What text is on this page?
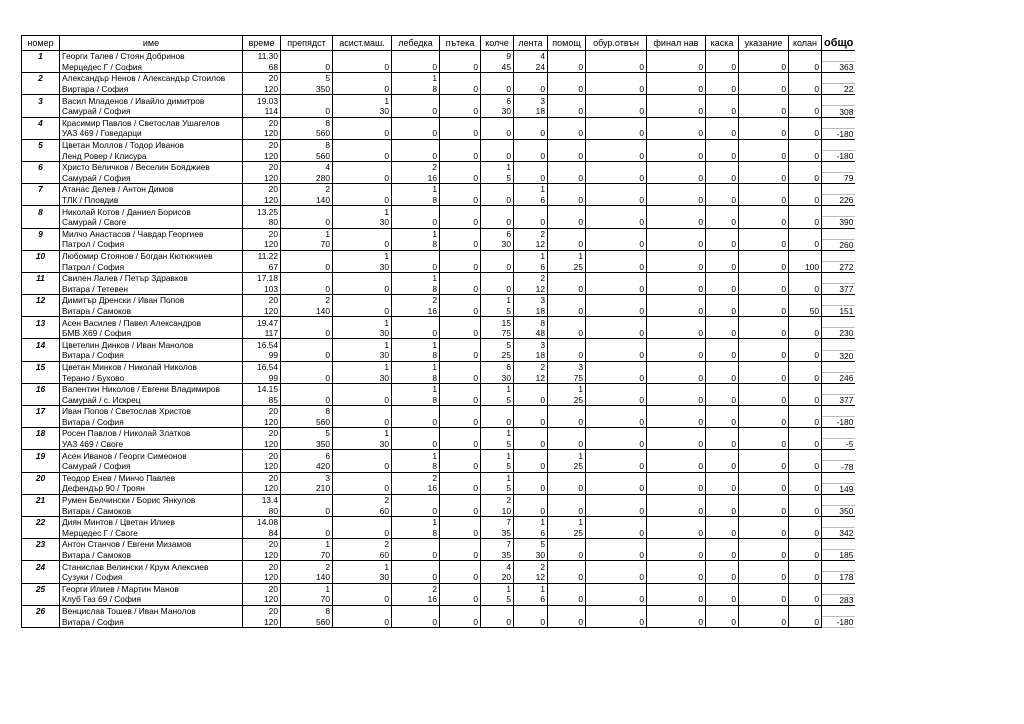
номер	име	време	препядст	асист.маш.	лебедка	пътека	колче	лента	помощ	обур.отвън	финал нав	каска	указание	колан	общо
1	Георги Талев / Стоян Добринов	11.30					9	4							
	Мерцедес Г / София	68	0	0	0	0	45	24	0	0	0	0	0	0	363
2	Александър Ненов / Александър Стоилов	20	5		1										
	Виртара / София	120	350	0	8	0	0	0	0	0	0	0	0	0	22
3	Васил Младенов / Ивайло димитров	19.03		1			6	3							
	Самурай / София	114	0	30	0	0	30	18	0	0	0	0	0	0	308
4	Красимир Павлов / Светослав Ушагелов	20	8												
	УАЗ 469 / Говедарци	120	560	0	0	0	0	0	0	0	0	0	0	0	-180
5	Цветан Моллов / Тодор Иванов	20	8												
	Ленд Ровер / Клисура	120	560	0	0	0	0	0	0	0	0	0	0	0	-180
6	Христо Величков / Веселин Бояджиев	20	4		2		1								
	Самурай / София	120	280	0	16	0	5	0	0	0	0	0	0	0	79
7	Атанас Делев / Антон Димов	20	2		1			1							
	ТЛК / Пловдив	120	140	0	8	0	0	6	0	0	0	0	0	0	226
8	Николай Котов / Даниел Борисов	13.25		1											
	Самурай / Своге	80	0	30	0	0	0	0	0	0	0	0	0	0	390
9	Милчо Анастасов / Чавдар Георгиев	20	1		1		6	2							
	Патрол / София	120	70	0	8	0	30	12	0	0	0	0	0	0	260
10	Любомир Стоянов / Богдан Кютюкчиев	11.22		1				1	1						
	Патрол / София	67	0	30	0	0	0	6	25	0	0	0	0	100	272
11	Свилен Лалев / Петър Здравков	17.18			1			2							
	Витара / Тетевен	103	0	0	8	0	0	12	0	0	0	0	0	0	377
12	Димитър Дренски / Иван Попов	20	2		2		1	3							
	Витара / Самоков	120	140	0	16	0	5	18	0	0	0	0	0	50	151
13	Асен Василев / Павел Александров	19.47		1			15	8							
	БМВ Х69 / София	117	0	30	0	0	75	48	0	0	0	0	0	0	230
14	Цветелин Динков / Иван Манолов	16.54		1	1		5	3							
	Витара / София	99	0	30	8	0	25	18	0	0	0	0	0	0	320
15	Цветан Минков / Николай Николов	16.54		1	1		6	2	3						
	Терано / Бухово	99	0	30	8	0	30	12	75	0	0	0	0	0	246
16	Валентин Николов / Евгени Владимиров	14.15			1		1		1						
	Самурай / с. Искрец	85	0	0	8	0	5	0	25	0	0	0	0	0	377
17	Иван Попов / Светослав Христов	20	8												
	Витара / София	120	560	0	0	0	0	0	0	0	0	0	0	0	-180
18	Росен Павлов / Николай Златков	20	5	1			1								
	УАЗ 469 / Своге	120	350	30	0	0	5	0	0	0	0	0	0	0	-5
19	Асен Иванов / Георги Симеонов	20	6		1		1		1						
	Самурай / София	120	420	0	8	0	5	0	25	0	0	0	0	0	-78
20	Теодор Енев / Минчо Павлев	20	3		2		1								
	Дефендър 90 / Троян	120	210	0	16	0	5	0	0	0	0	0	0	0	149
21	Румен Белчински / Борис Янкулов	13.4		2			2								
	Витара / Самоков	80	0	60	0	0	10	0	0	0	0	0	0	0	350
22	Диян Минтов / Цветан Илиев	14.08			1		7	1	1						
	Мерцедес Г / Своге	84	0	0	8	0	35	6	25	0	0	0	0	0	342
23	Антон Станчов / Евгени Мизамов	20	1	2			7	5							
	Витара / Самоков	120	70	60	0	0	35	30	0	0	0	0	0	0	185
24	Станислав Велински / Крум Алексиев	20	2	1			4	2							
	Сузуки / София	120	140	30	0	0	20	12	0	0	0	0	0	0	178
25	Георги Илиев / Мартин Манов	20	1		2		1	1							
	Клуб Газ 69 / София	120	70	0	16	0	5	6	0	0	0	0	0	0	283
26	Венцислав Тошев / Иван Манолов	20	8												
	Витара / София	120	560	0	0	0	0	0	0	0	0	0	0	0	-180
